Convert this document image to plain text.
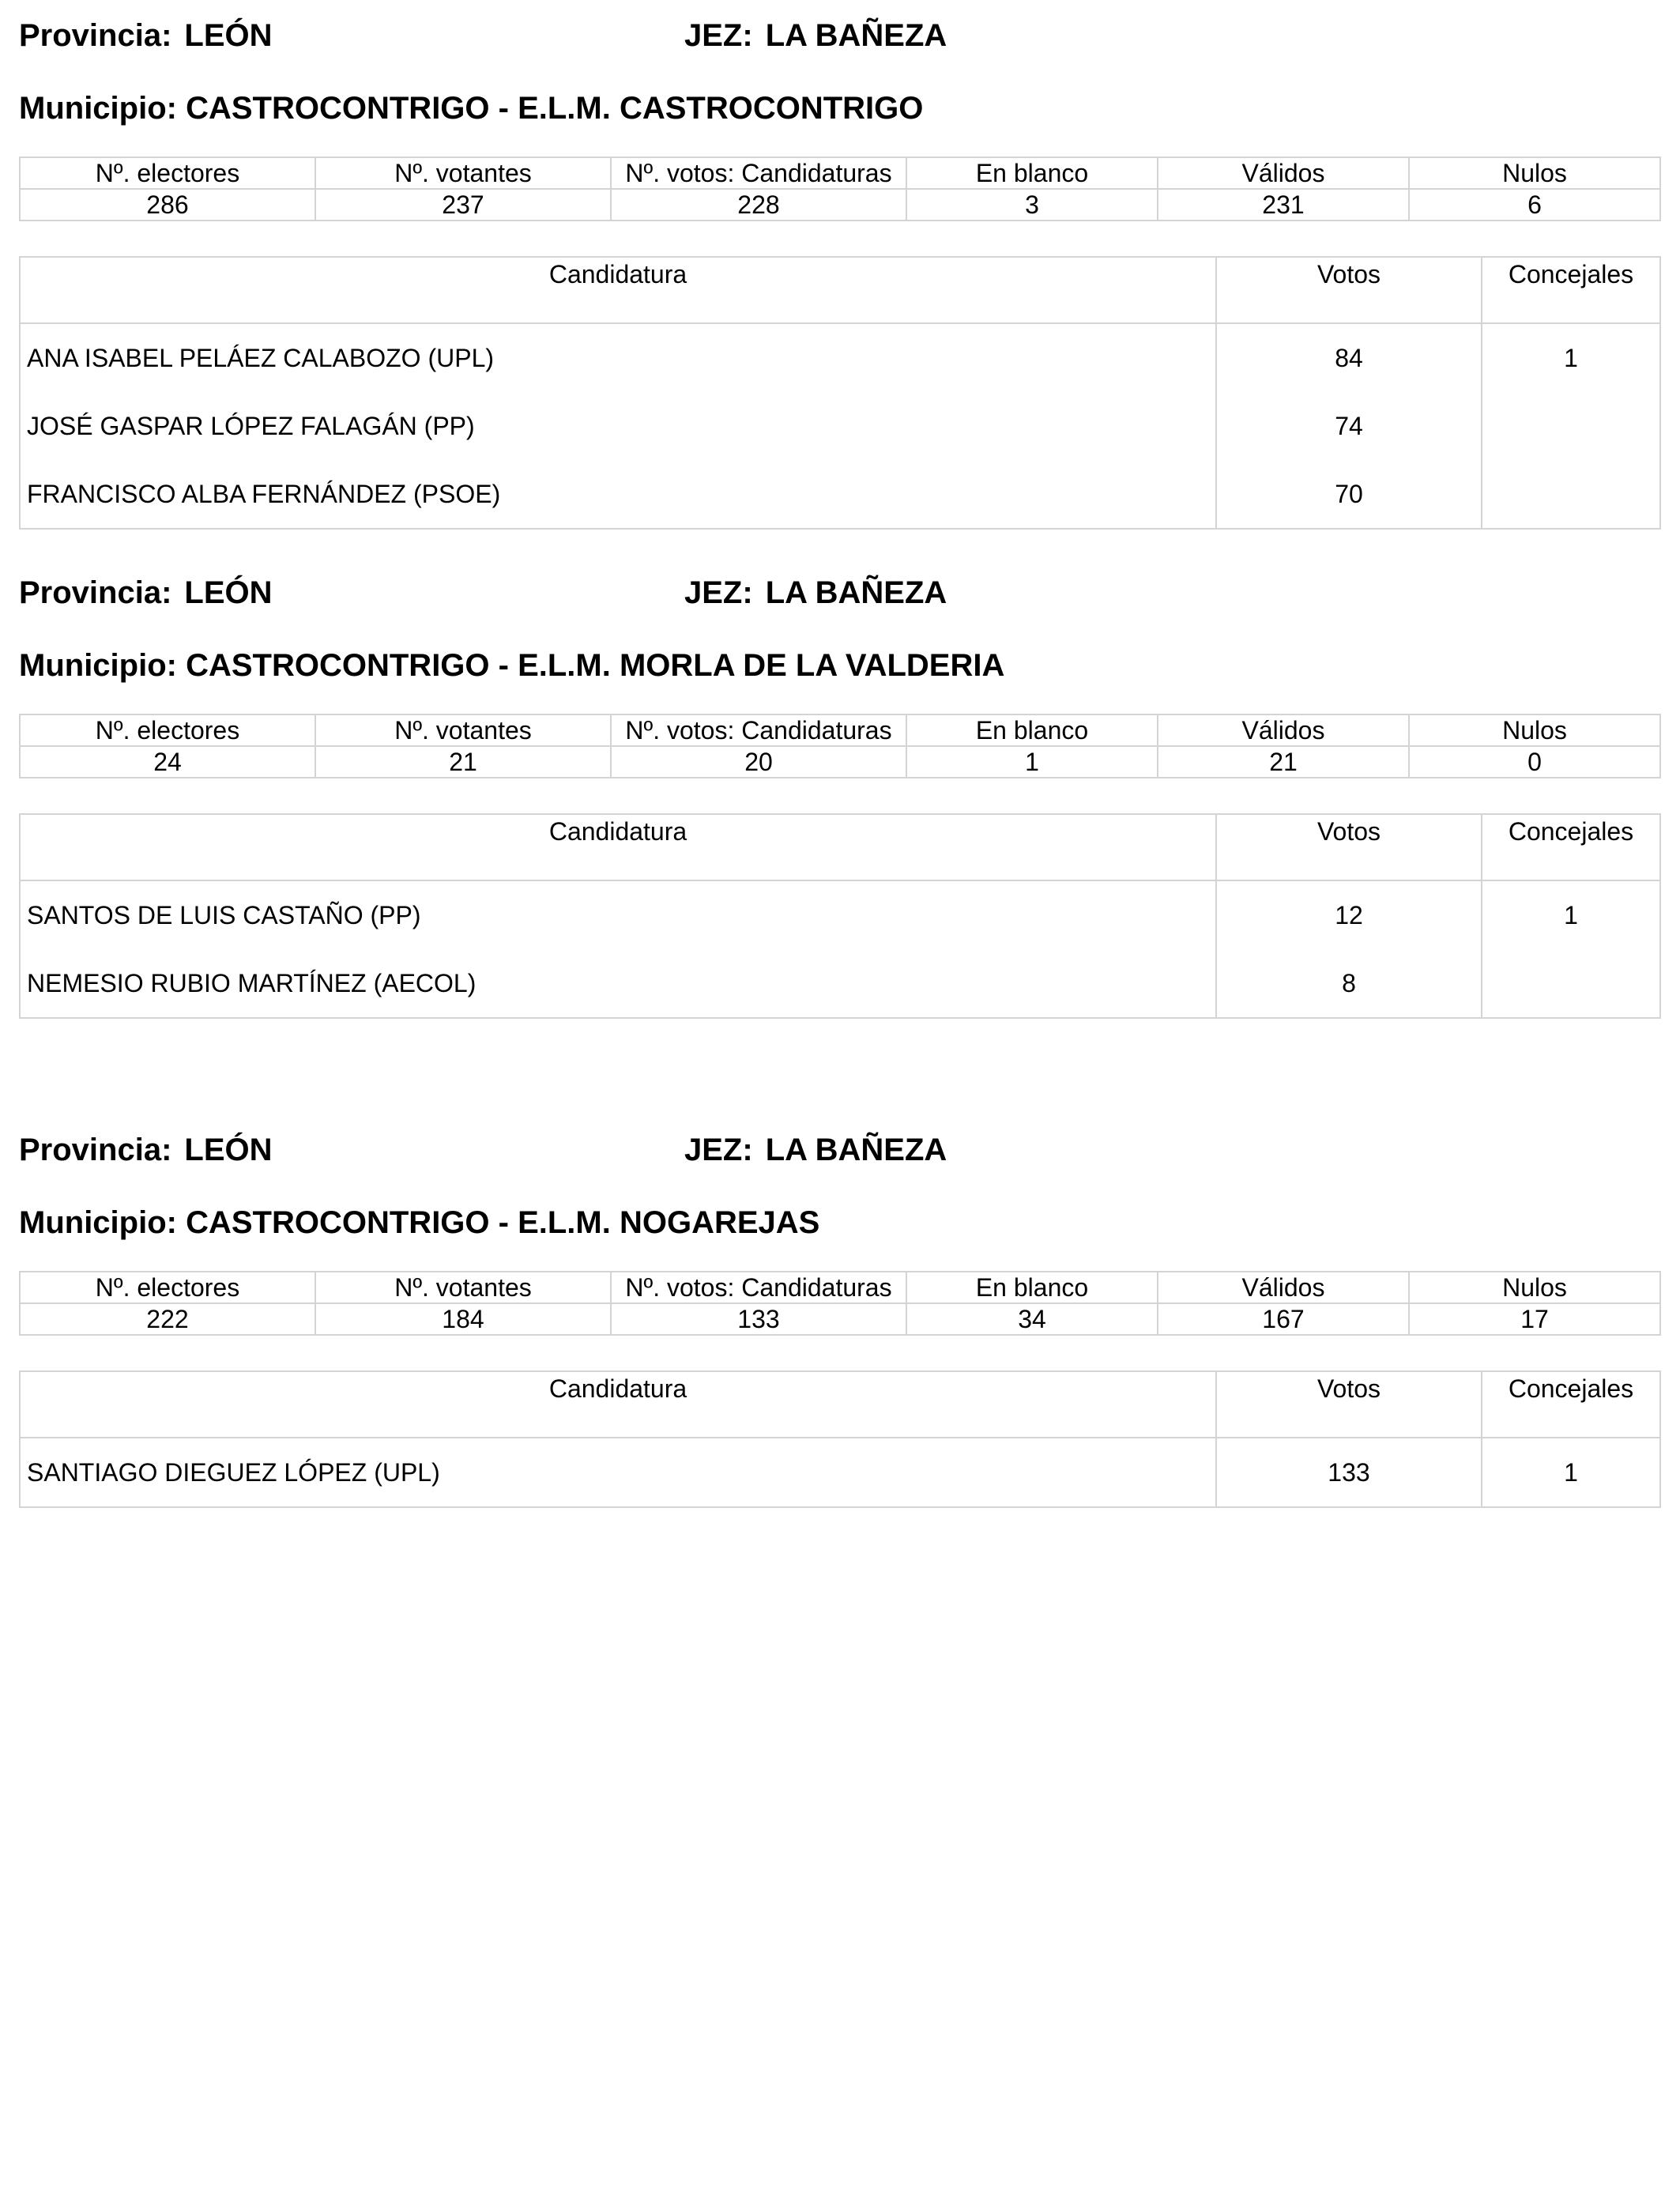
Provincia: LEÓN	JEZ: LA BAÑEZA
Municipio: CASTROCONTRIGO - E.L.M. CASTROCONTRIGO
Nº. electores	Nº. votantes	Nº. votos: Candidaturas	En blanco	Válidos	Nulos
286	237	228	3	231	6
Candidatura	Votos	Concejales
ANA ISABEL PELÁEZ CALABOZO (UPL)	84	1
JOSÉ GASPAR LÓPEZ FALAGÁN (PP)	74	
FRANCISCO ALBA FERNÁNDEZ (PSOE)	70	
Provincia: LEÓN	JEZ: LA BAÑEZA
Municipio: CASTROCONTRIGO - E.L.M. MORLA DE LA VALDERIA
Nº. electores	Nº. votantes	Nº. votos: Candidaturas	En blanco	Válidos	Nulos
24	21	20	1	21	0
Candidatura	Votos	Concejales
SANTOS DE LUIS CASTAÑO (PP)	12	1
NEMESIO RUBIO MARTÍNEZ (AECOL)	8	
Provincia: LEÓN	JEZ: LA BAÑEZA
Municipio: CASTROCONTRIGO - E.L.M. NOGAREJAS
Nº. electores	Nº. votantes	Nº. votos: Candidaturas	En blanco	Válidos	Nulos
222	184	133	34	167	17
Candidatura	Votos	Concejales
SANTIAGO DIEGUEZ LÓPEZ (UPL)	133	1
